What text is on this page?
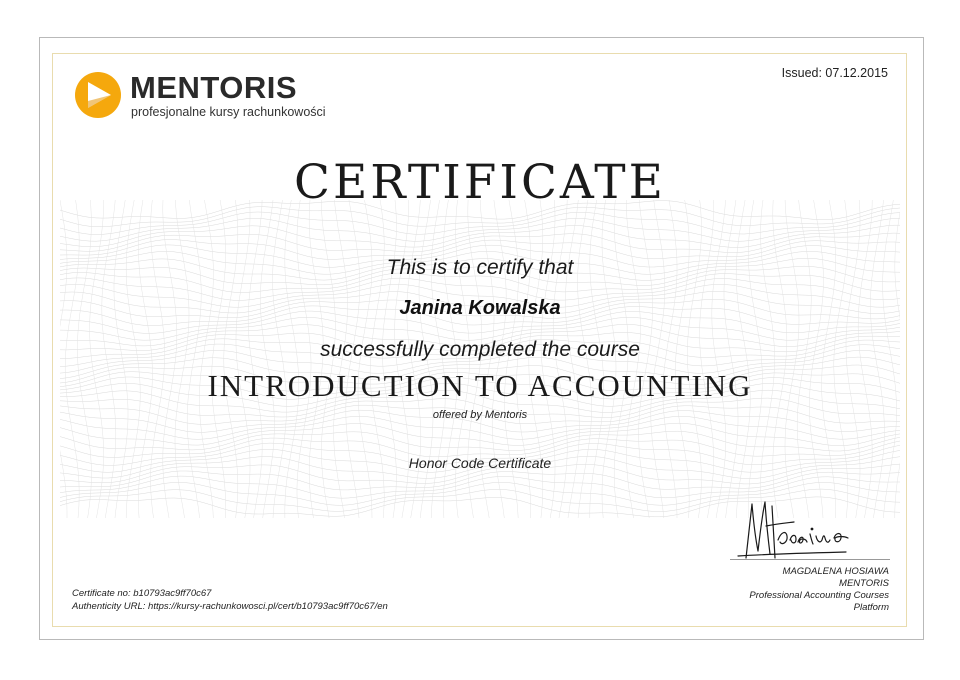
MENTORIS
profesjonalne kursy rachunkowości
Issued: 07.12.2015
CERTIFICATE
This is to certify that
Janina Kowalska
successfully completed the course
INTRODUCTION TO ACCOUNTING
offered by Mentoris
Honor Code Certificate
MAGDALENA HOSIAWA
MENTORIS
Professional Accounting Courses
Platform
Certificate no: b10793ac9ff70c67
Authenticity URL: https://kursy-rachunkowosci.pl/cert/b10793ac9ff70c67/en
